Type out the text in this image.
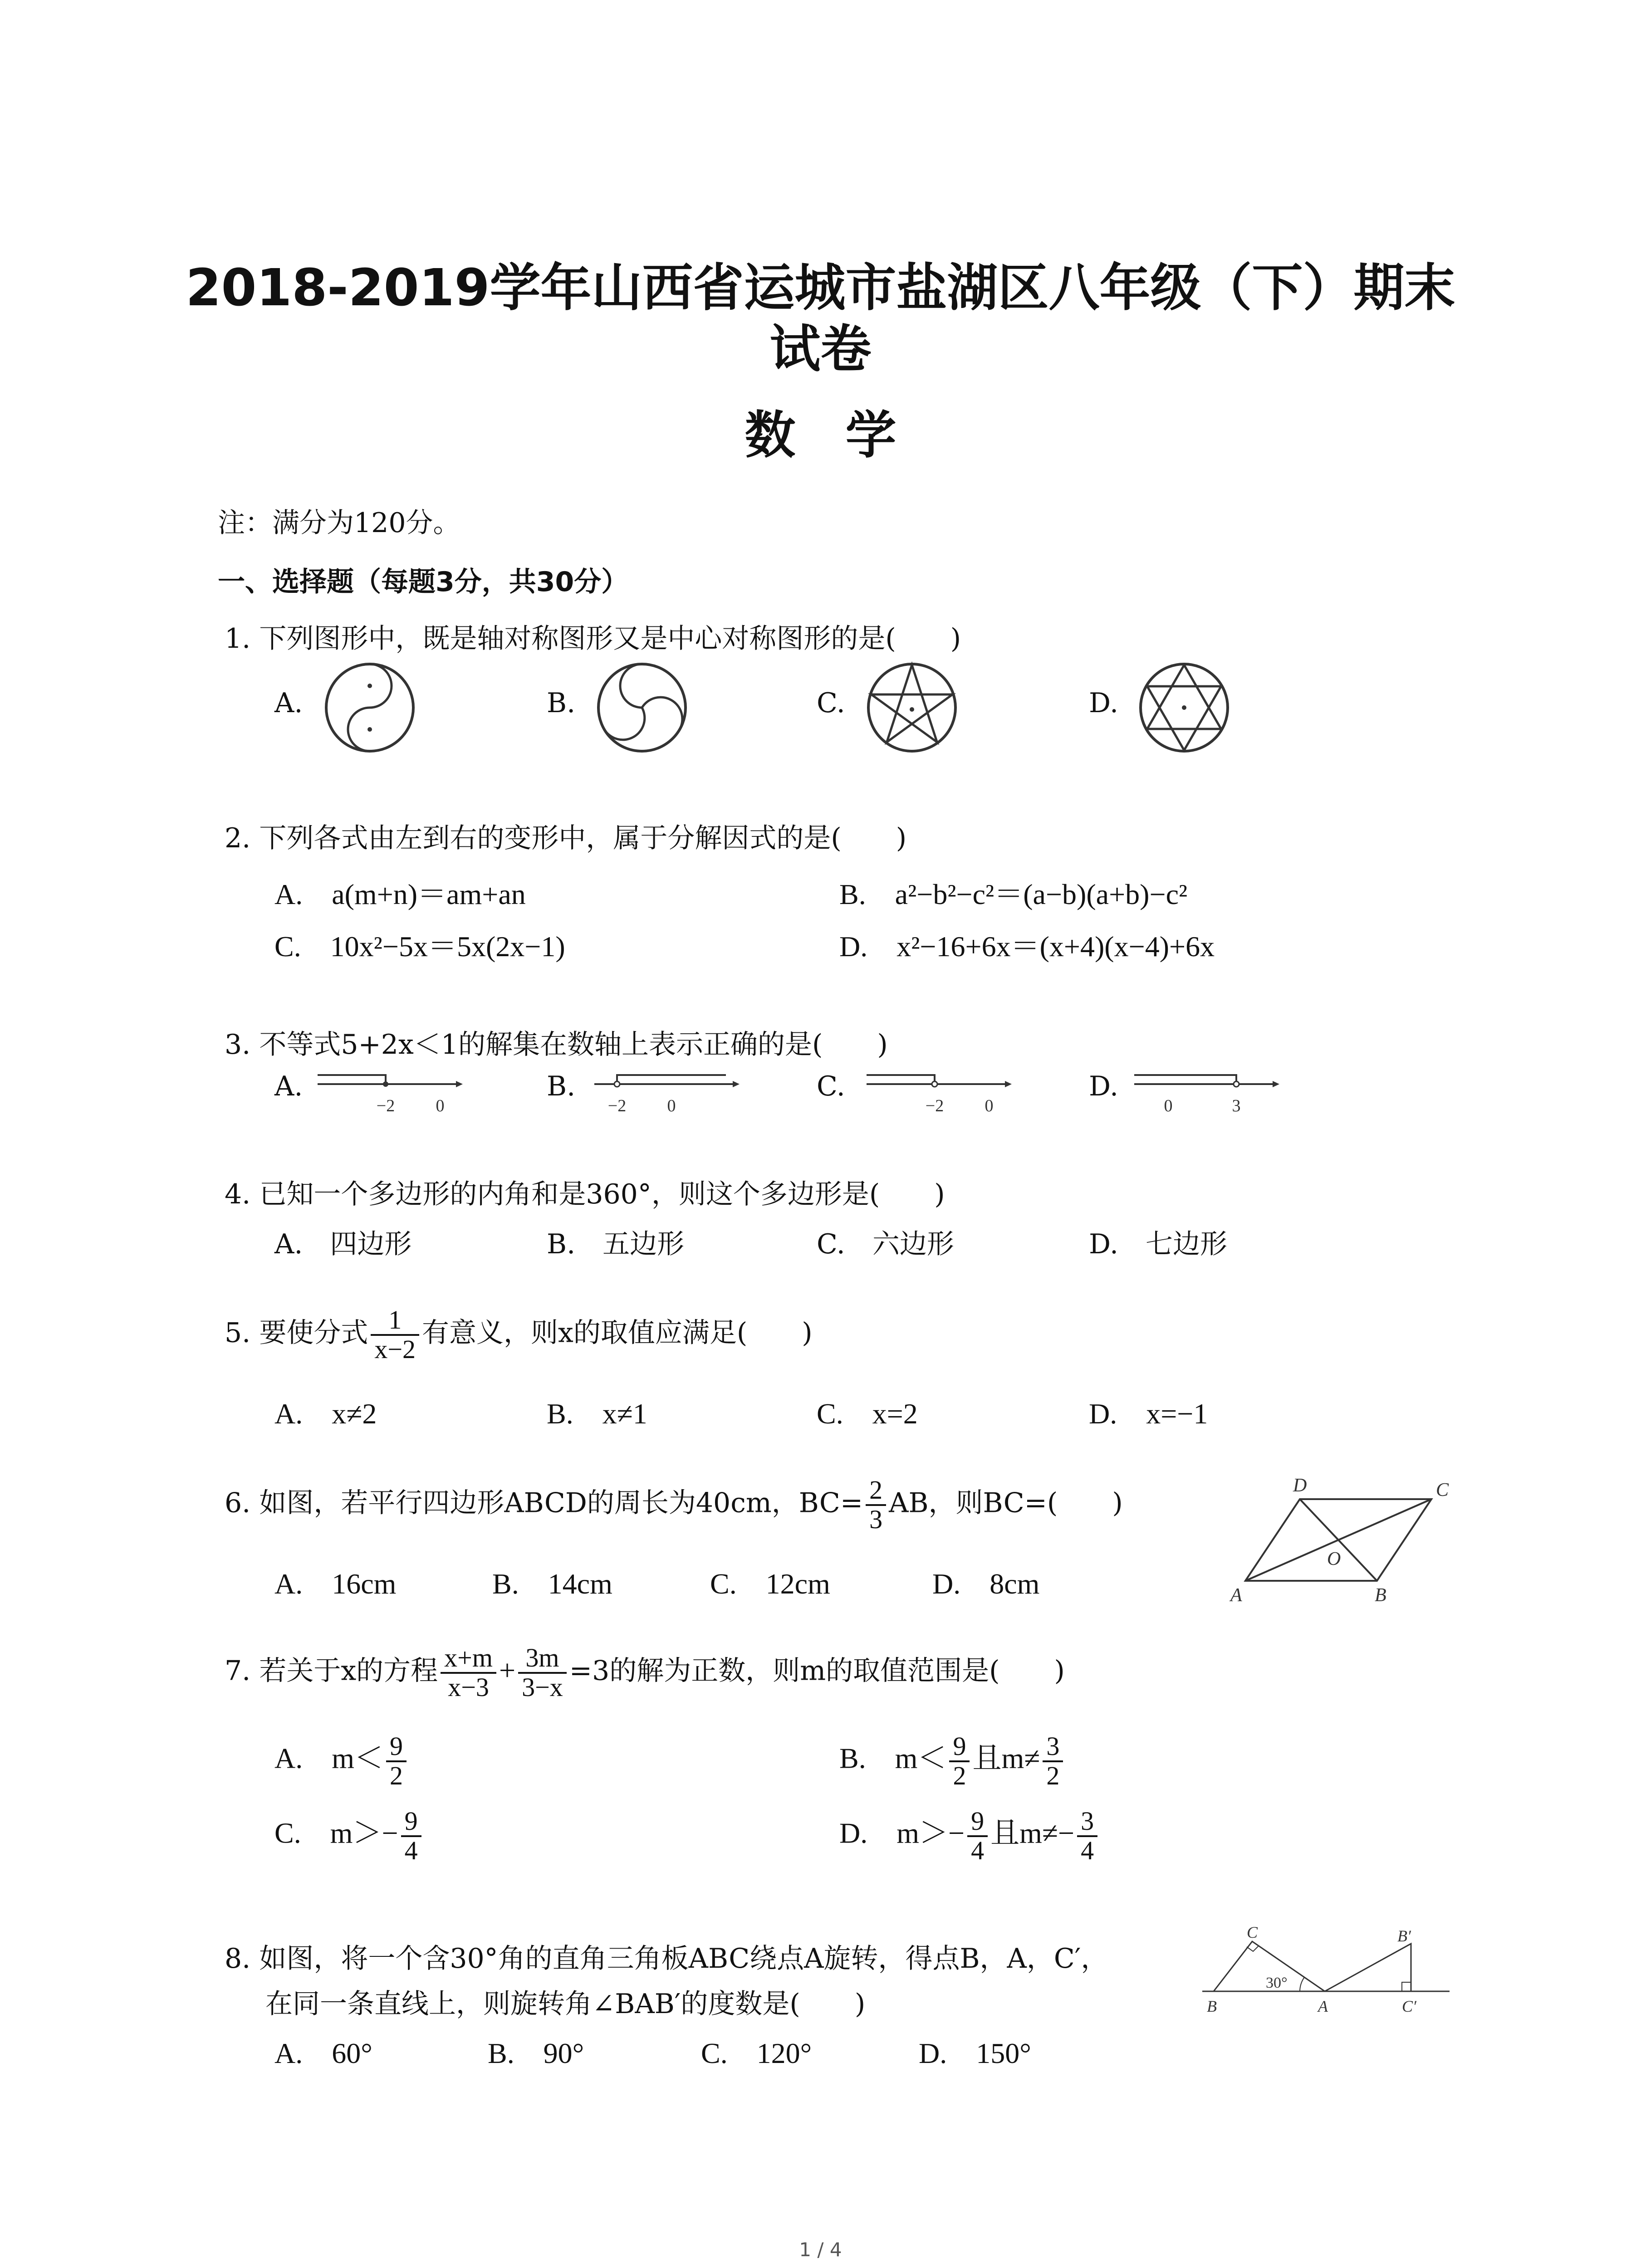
2018-2019学年山西省运城市盐湖区八年级（下）期末
试卷
数学
注：满分为120分。
一、选择题（每题3分，共30分）
1. 下列图形中，既是轴对称图形又是中心对称图形的是(　　)
A.	B.	C.	D.
2. 下列各式由左到右的变形中，属于分解因式的是(　　)
A.　a(m+n)＝am+an	B.　a²−b²−c²＝(a−b)(a+b)−c²
C.　10x²−5x＝5x(2x−1)	D.　x²−16+6x＝(x+4)(x−4)+6x
3. 不等式5+2x＜1的解集在数轴上表示正确的是(　　)
A.	B.	C.	D.
−2 0	−2 0	−2 0	0	3
4. 已知一个多边形的内角和是360°，则这个多边形是(　　)
A.　四边形	B.　五边形	C.　六边形	D.　七边形
5. 要使分式 $\frac{1}{x-2}$ 有意义，则x的取值应满足(　　)
A.　x≠2	B.　x≠1	C.　x=2	D.　x=−1
6. 如图，若平行四边形ABCD的周长为40cm，$BC= \frac{2}{3}$ AB，则BC=(　　)
A.　16cm	B.　14cm	C.　12cm	D.　8cm	A	B
C
D
O
7. 若关于x的方程 $\frac{x+m}{x-3} + \frac{3m}{3-x} =3$的解为正数，则m的取值范围是(　　)
A.　$m< \frac{9}{2}$	B.　$m< \frac{9}{2}$ 且$m\ne \frac{3}{2}$
C.　$m>- \frac{9}{4}$	D.　$m>- \frac{9}{4}$ 且$m\ne- \frac{3}{4}$
8. 如图，将一个含30°角的直角三角板ABC绕点A旋转，得点B，A，C′，
在同一条直线上，则旋转角∠BAB′的度数是(　　)
A.　60°	B.　90°	C.　120°	D.　150°
C
B	A
B′
C′
30°
1 / 4
